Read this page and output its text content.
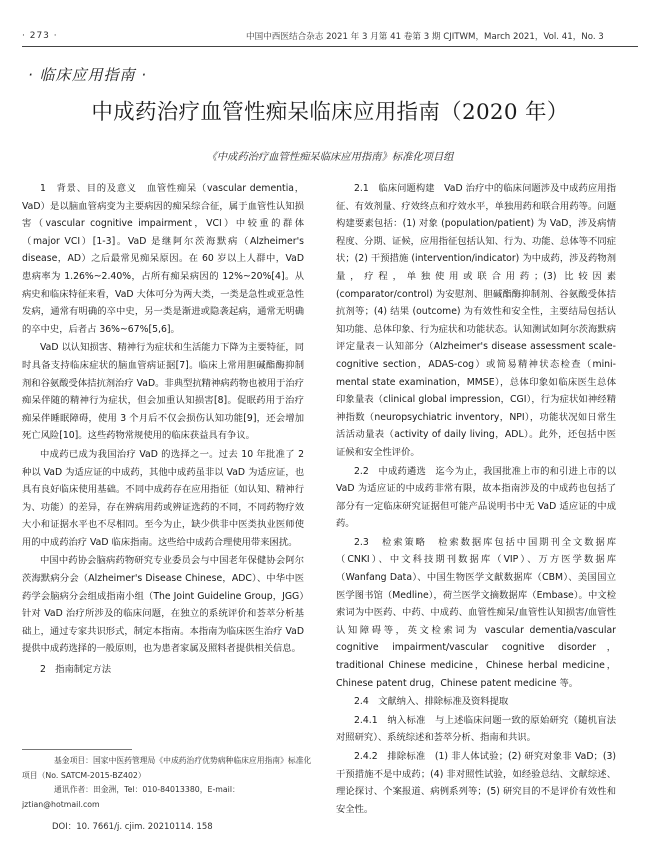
· 273 ·	中国中西医结合杂志 2021 年 3 月第 41 卷第 3 期 CJITWM，March 2021，Vol. 41，No. 3
· 临床应用指南 ·
中成药治疗血管性痴呆临床应用指南（2020 年）
《中成药治疗血管性痴呆临床应用指南》标准化项目组

1　背景、目的及意义　血管性痴呆（vascular dementia，VaD）是以脑血管病变为主要病因的痴呆综合征，属于血管性认知损害（vascular cognitive impairment，VCI）中较重的群体（major VCI）[1-3]。VaD 是继阿尔茨海默病（Alzheimer's disease，AD）之后最常见痴呆原因。在 60 岁以上人群中，VaD 患病率为 1.26%~2.40%，占所有痴呆病因的 12%~20%[4]。从病史和临床特征来看，VaD 大体可分为两大类，一类是急性或亚急性发病，通常有明确的卒中史，另一类是渐进或隐袭起病，通常无明确的卒中史，后者占 36%~67%[5,6]。

VaD 以认知损害、精神行为症状和生活能力下降为主要特征，同时具备支持临床症状的脑血管病证据[7]。临床上常用胆碱酯酶抑制剂和谷氨酸受体拮抗剂治疗 VaD。非典型抗精神病药物也被用于治疗痴呆伴随的精神行为症状，但会加重认知损害[8]。促眠药用于治疗痴呆伴睡眠障碍，使用 3 个月后不仅会损伤认知功能[9]，还会增加死亡风险[10]。这些药物常规使用的临床获益具有争议。

中成药已成为我国治疗 VaD 的选择之一。过去 10 年批准了 2 种以 VaD 为适应证的中成药，其他中成药虽非以 VaD 为适应证，也具有良好临床使用基础。不同中成药存在应用指征（如认知、精神行为、功能）的差异，存在辨病用药或辨证选药的不同，不同药物疗效大小和证据水平也不尽相同。至今为止，缺少供非中医类执业医师使用的中成药治疗 VaD 临床指南。这些给中成药合理使用带来困扰。

中国中药协会脑病药物研究专业委员会与中国老年保健协会阿尔茨海默病分会（Alzheimer's Disease Chinese，ADC）、中华中医药学会脑病分会组成指南小组（The Joint Guideline Group，JGG）针对 VaD 治疗所涉及的临床问题，在独立的系统评价和荟萃分析基础上，通过专家共识形式，制定本指南。本指南为临床医生治疗 VaD 提供中成药选择的一般原则，也为患者家属及照料者提供相关信息。

2　指南制定方法

2.1　临床问题构建　VaD 治疗中的临床问题涉及中成药应用指征、有效剂量、疗效终点和疗效水平，单独用药和联合用药等。问题构建要素包括：(1) 对象 (population/patient) 为 VaD，涉及病情程度、分期、证候，应用指征包括认知、行为、功能、总体等不同症状；(2) 干预措施 (intervention/indicator) 为中成药，涉及药物剂量，疗程，单独使用或联合用药；(3) 比较因素 (comparator/control) 为安慰剂、胆碱酯酶抑制剂、谷氨酸受体拮抗剂等；(4) 结果 (outcome) 为有效性和安全性，主要结局包括认知功能、总体印象、行为症状和功能状态。认知测试如阿尔茨海默病评定量表－认知部分（Alzheimer's disease assessment scale-cognitive section，ADAS-cog）或简易精神状态检查（mini-mental state examination，MMSE），总体印象如临床医生总体印象量表（clinical global impression，CGI），行为症状如神经精神指数（neuropsychiatric inventory，NPI），功能状况如日常生活活动量表（activity of daily living，ADL）。此外，还包括中医证候和安全性评价。

2.2　中成药遴选　迄今为止，我国批准上市的和引进上市的以 VaD 为适应证的中成药非常有限，故本指南涉及的中成药也包括了部分有一定临床研究证据但可能产品说明书中无 VaD 适应证的中成药。

2.3　检索策略　检索数据库包括中国期刊全文数据库（CNKI）、中文科技期刊数据库（VIP）、万方医学数据库（Wanfang Data）、中国生物医学文献数据库（CBM）、美国国立医学图书馆（Medline），荷兰医学文摘数据库（Embase）。中文检索词为中医药、中药、中成药、血管性痴呆/血管性认知损害/血管性认知障碍等，英文检索词为 vascular dementia/vascular cognitive impairment/vascular cognitive disorder，traditional Chinese medicine，Chinese herbal medicine，Chinese patent drug，Chinese patent medicine 等。

2.4　文献纳入、排除标准及资料提取

2.4.1　纳入标准　与上述临床问题一致的原始研究（随机盲法对照研究）、系统综述和荟萃分析、指南和共识。

2.4.2　排除标准　(1) 非人体试验；(2) 研究对象非 VaD；(3) 干预措施不是中成药；(4) 非对照性试验，如经验总结、文献综述、理论探讨、个案报道、病例系列等；(5) 研究目的不是评价有效性和安全性。

基金项目：国家中医药管理局《中成药治疗优势病种临床应用指南》标准化项目（No. SATCM-2015-BZ402）

通讯作者：田金洲，Tel：010-84013380，E-mail：jztian@hotmail.com

DOI：10. 7661/j. cjim. 20210114. 158
